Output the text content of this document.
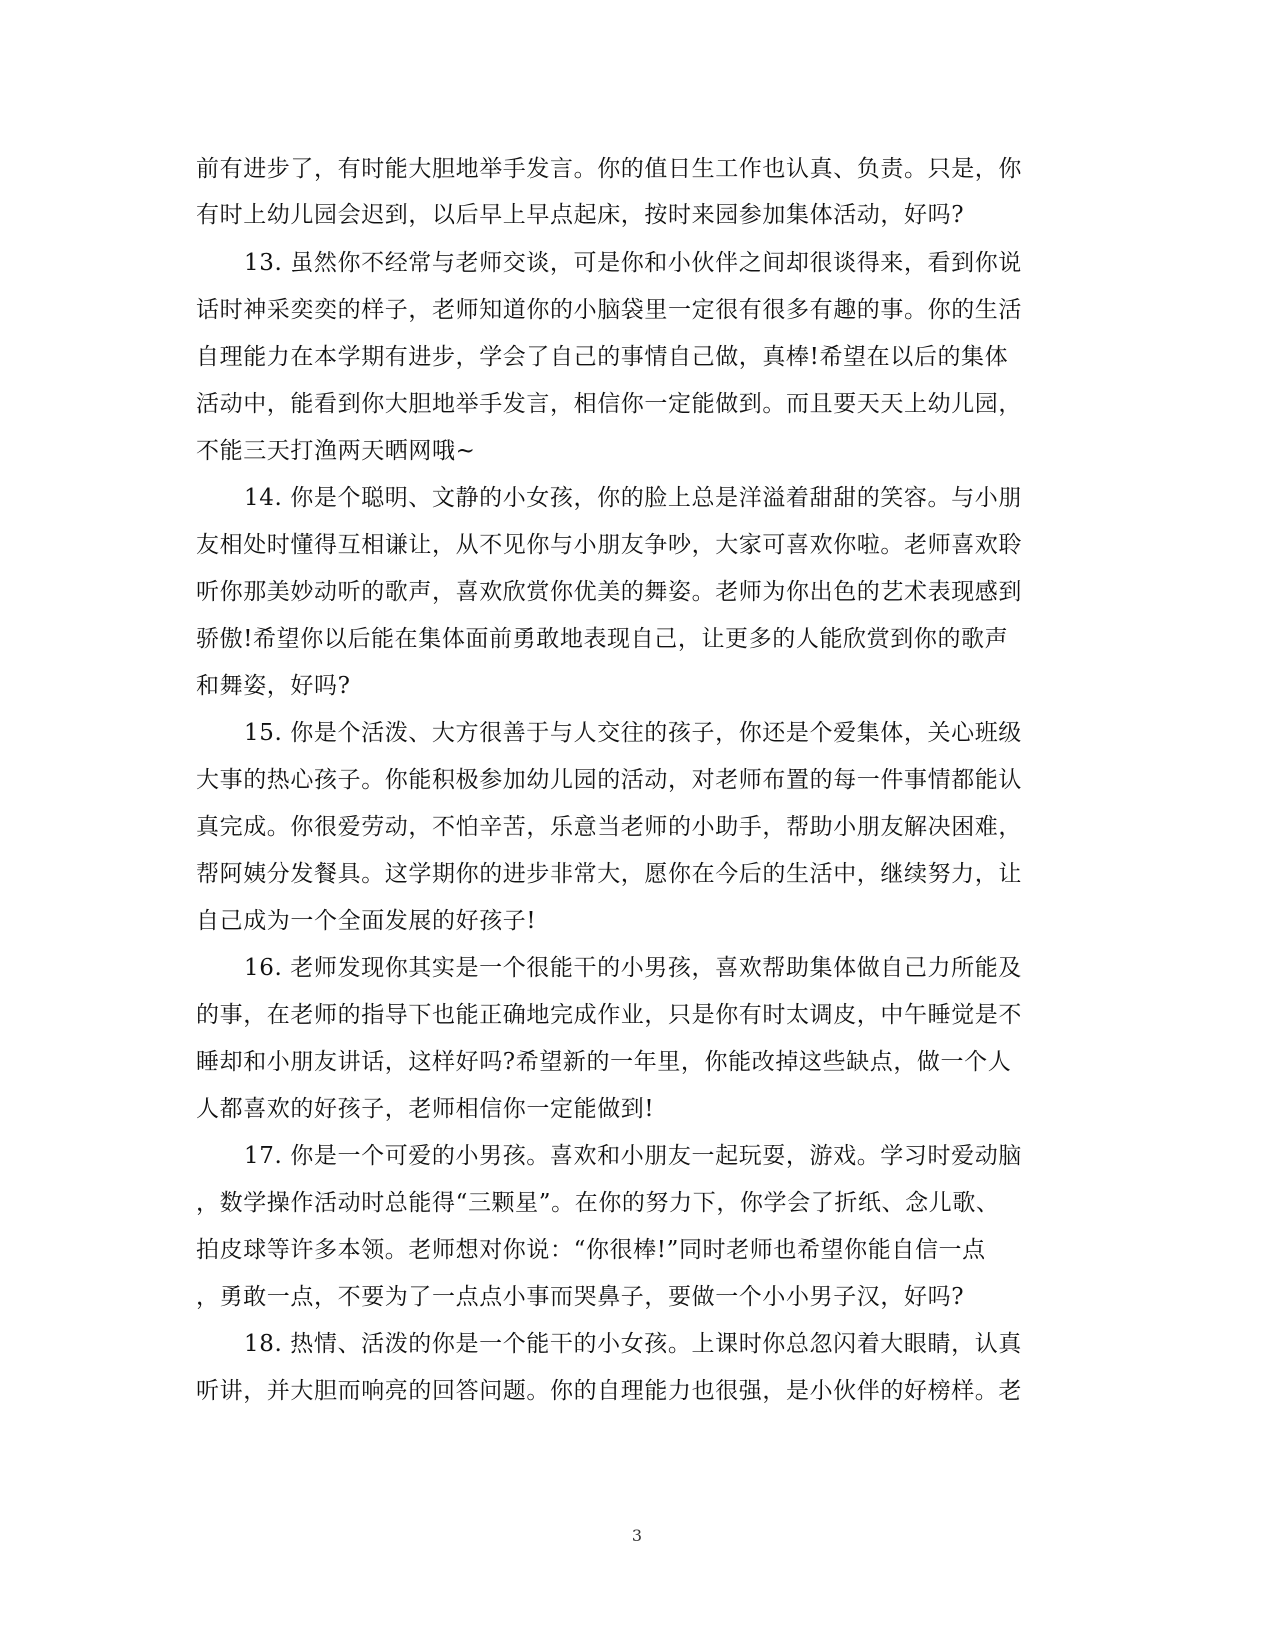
前有进步了，有时能大胆地举手发言。你的值日生工作也认真、负责。只是，你
有时上幼儿园会迟到，以后早上早点起床，按时来园参加集体活动，好吗?
13. 虽然你不经常与老师交谈，可是你和小伙伴之间却很谈得来，看到你说
话时神采奕奕的样子，老师知道你的小脑袋里一定很有很多有趣的事。你的生活
自理能力在本学期有进步，学会了自己的事情自己做，真棒!希望在以后的集体
活动中，能看到你大胆地举手发言，相信你一定能做到。而且要天天上幼儿园，
不能三天打渔两天晒网哦~
14. 你是个聪明、文静的小女孩，你的脸上总是洋溢着甜甜的笑容。与小朋
友相处时懂得互相谦让，从不见你与小朋友争吵，大家可喜欢你啦。老师喜欢聆
听你那美妙动听的歌声，喜欢欣赏你优美的舞姿。老师为你出色的艺术表现感到
骄傲!希望你以后能在集体面前勇敢地表现自己，让更多的人能欣赏到你的歌声
和舞姿，好吗?
15. 你是个活泼、大方很善于与人交往的孩子，你还是个爱集体，关心班级
大事的热心孩子。你能积极参加幼儿园的活动，对老师布置的每一件事情都能认
真完成。你很爱劳动，不怕辛苦，乐意当老师的小助手，帮助小朋友解决困难，
帮阿姨分发餐具。这学期你的进步非常大，愿你在今后的生活中，继续努力，让
自己成为一个全面发展的好孩子!
16. 老师发现你其实是一个很能干的小男孩，喜欢帮助集体做自己力所能及
的事，在老师的指导下也能正确地完成作业，只是你有时太调皮，中午睡觉是不
睡却和小朋友讲话，这样好吗?希望新的一年里，你能改掉这些缺点，做一个人
人都喜欢的好孩子，老师相信你一定能做到!
17. 你是一个可爱的小男孩。喜欢和小朋友一起玩耍，游戏。学习时爱动脑
，数学操作活动时总能得“三颗星”。在你的努力下，你学会了折纸、念儿歌、
拍皮球等许多本领。老师想对你说：“你很棒!”同时老师也希望你能自信一点
，勇敢一点，不要为了一点点小事而哭鼻子，要做一个小小男子汉，好吗?
18. 热情、活泼的你是一个能干的小女孩。上课时你总忽闪着大眼睛，认真
听讲，并大胆而响亮的回答问题。你的自理能力也很强，是小伙伴的好榜样。老
3
